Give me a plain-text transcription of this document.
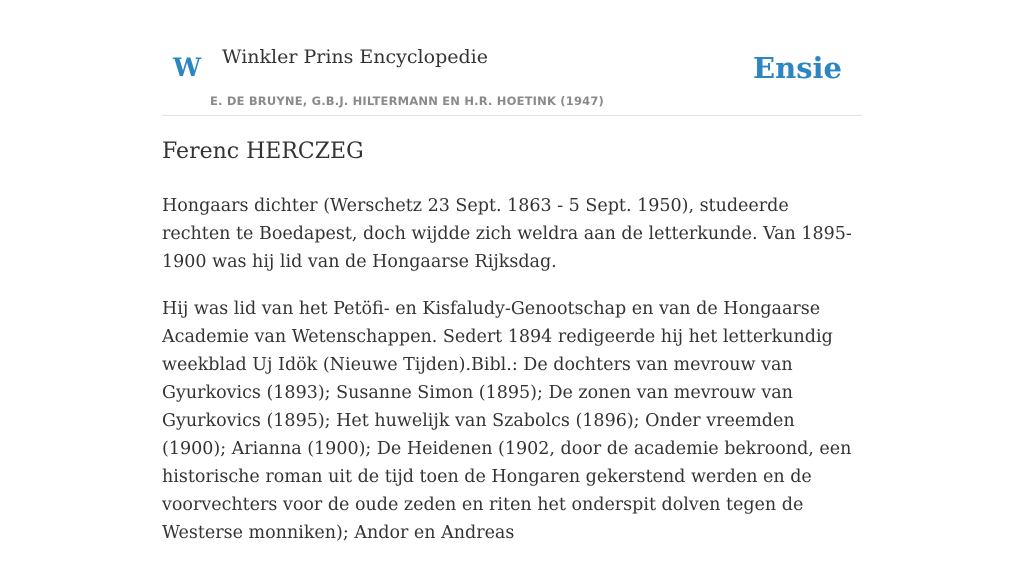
W Winkler Prins Encyclopedie
E. DE BRUYNE, G.B.J. HILTERMANN EN H.R. HOETINK (1947)
Ensie
Ferenc HERCZEG

Hongaars dichter (Werschetz 23 Sept. 1863 - 5 Sept. 1950), studeerde rechten te Boedapest, doch wijdde zich weldra aan de letterkunde. Van 1895-1900 was hij lid van de Hongaarse Rijksdag.

Hij was lid van het Petöfi- en Kisfaludy-Genootschap en van de Hongaarse Academie van Wetenschappen. Sedert 1894 redigeerde hij het letterkundig weekblad Uj Idök (Nieuwe Tijden).Bibl.: De dochters van mevrouw van Gyurkovics (1893); Susanne Simon (1895); De zonen van mevrouw van Gyurkovics (1895); Het huwelijk van Szabolcs (1896); Onder vreemden (1900); Arianna (1900); De Heidenen (1902, door de academie bekroond, een historische roman uit de tijd toen de Hongaren gekerstend werden en de voorvechters voor de oude zeden en riten het onderspit dolven tegen de Westerse monniken); Andor en Andreas
